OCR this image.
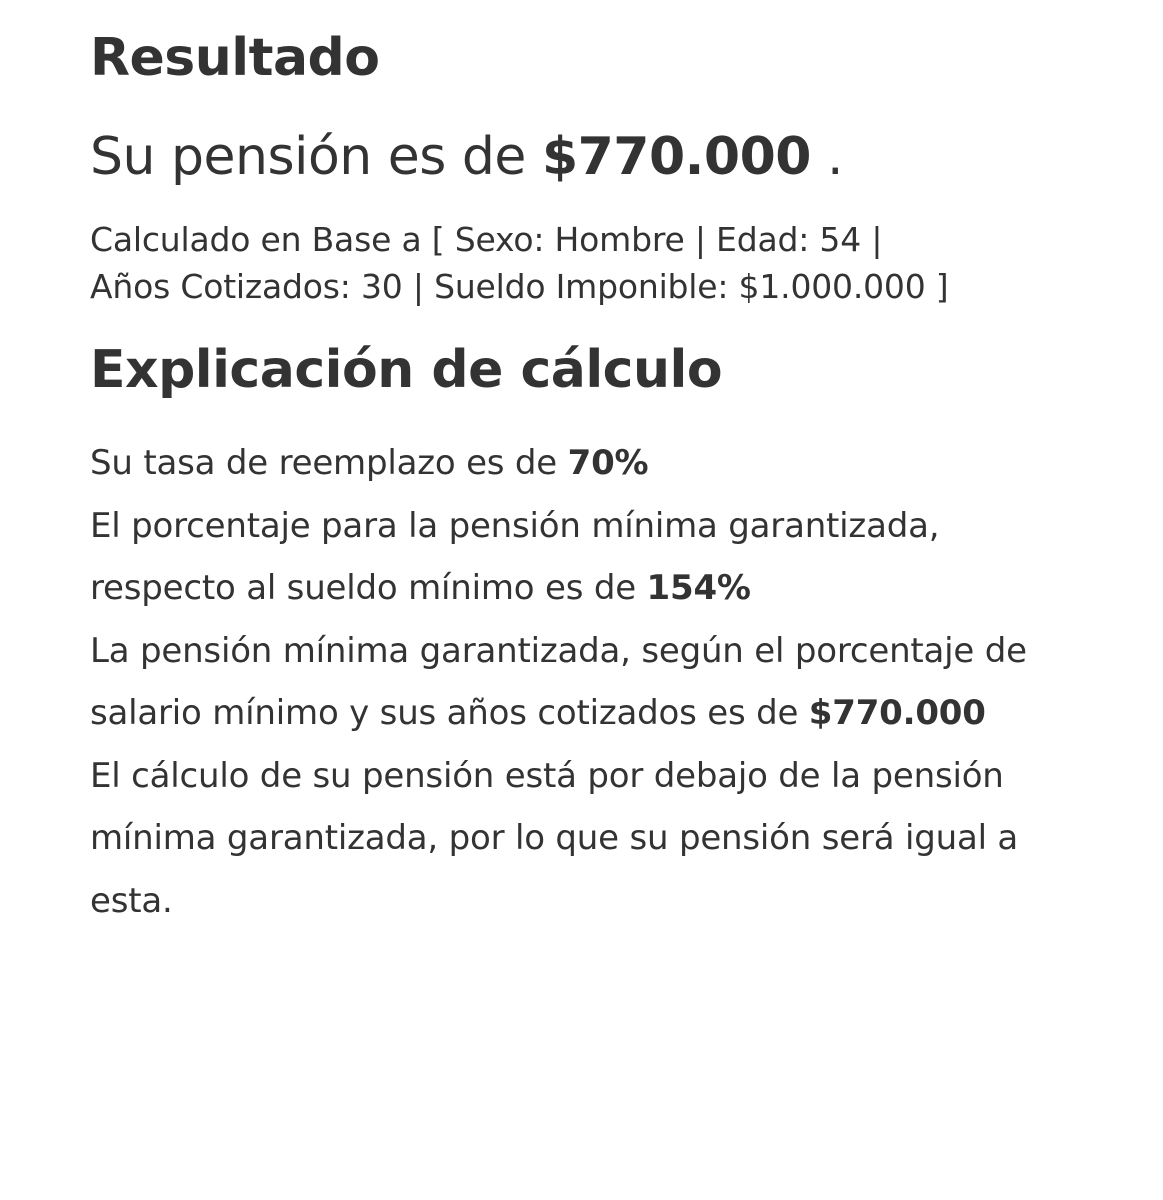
Resultado

Su pensión es de $770.000 .

Calculado en Base a [ Sexo: Hombre | Edad: 54 |
Años Cotizados: 30 | Sueldo Imponible: $1.000.000 ]

Explicación de cálculo

Su tasa de reemplazo es de 70%

El porcentaje para la pensión mínima garantizada, respecto al sueldo mínimo es de 154%

La pensión mínima garantizada, según el porcentaje de salario mínimo y sus años cotizados es de $770.000

El cálculo de su pensión está por debajo de la pensión mínima garantizada, por lo que su pensión será igual a esta.
